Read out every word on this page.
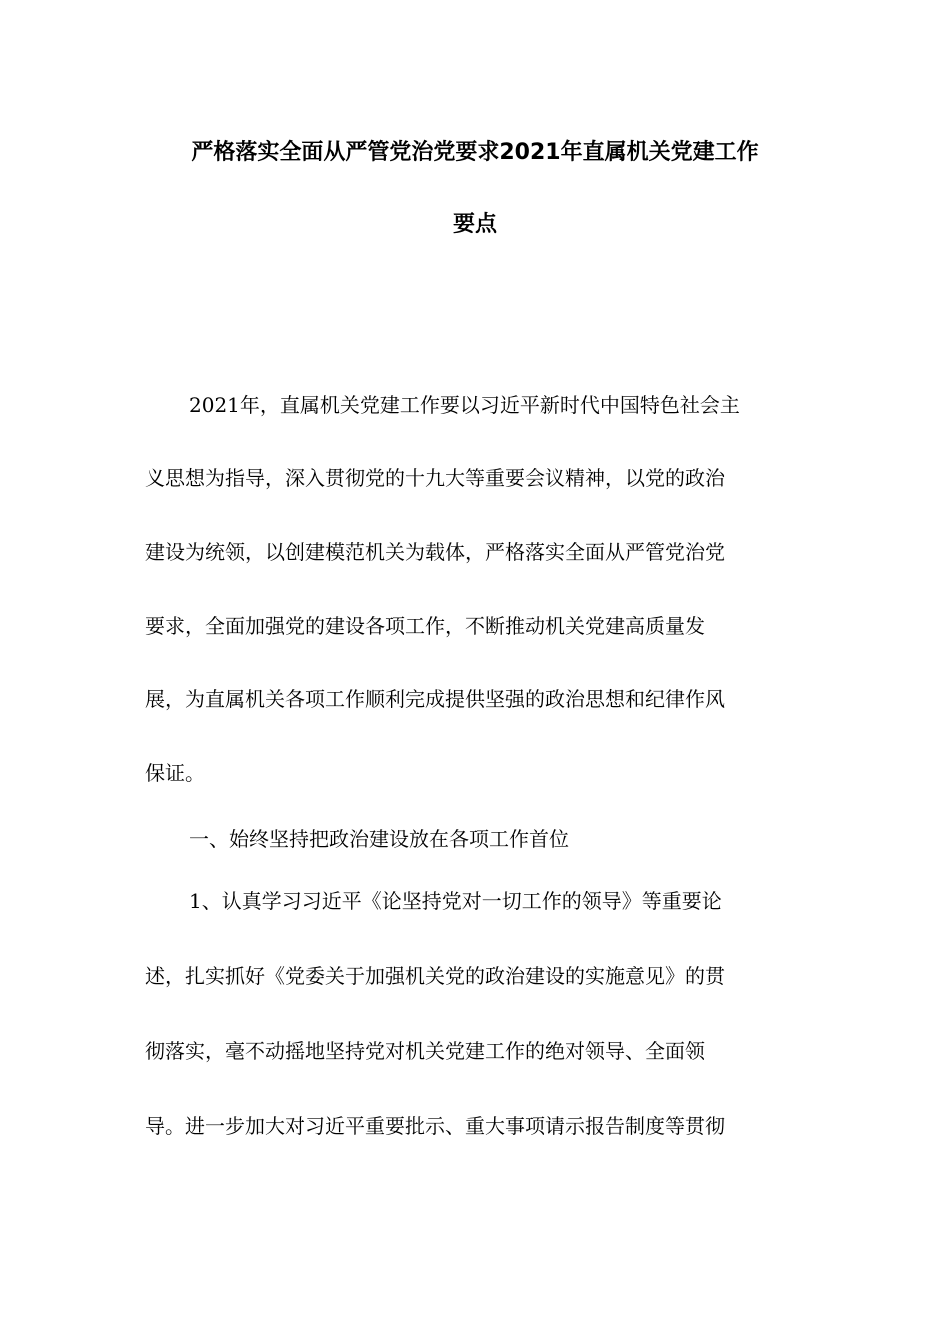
严格落实全面从严管党治党要求2021年直属机关党建工作
要点
2021年，直属机关党建工作要以习近平新时代中国特色社会主
义思想为指导，深入贯彻党的十九大等重要会议精神，以党的政治
建设为统领，以创建模范机关为载体，严格落实全面从严管党治党
要求，全面加强党的建设各项工作，不断推动机关党建高质量发
展，为直属机关各项工作顺利完成提供坚强的政治思想和纪律作风
保证。
一、始终坚持把政治建设放在各项工作首位
1、认真学习习近平《论坚持党对一切工作的领导》等重要论
述，扎实抓好《党委关于加强机关党的政治建设的实施意见》的贯
彻落实，毫不动摇地坚持党对机关党建工作的绝对领导、全面领
导。进一步加大对习近平重要批示、重大事项请示报告制度等贯彻
